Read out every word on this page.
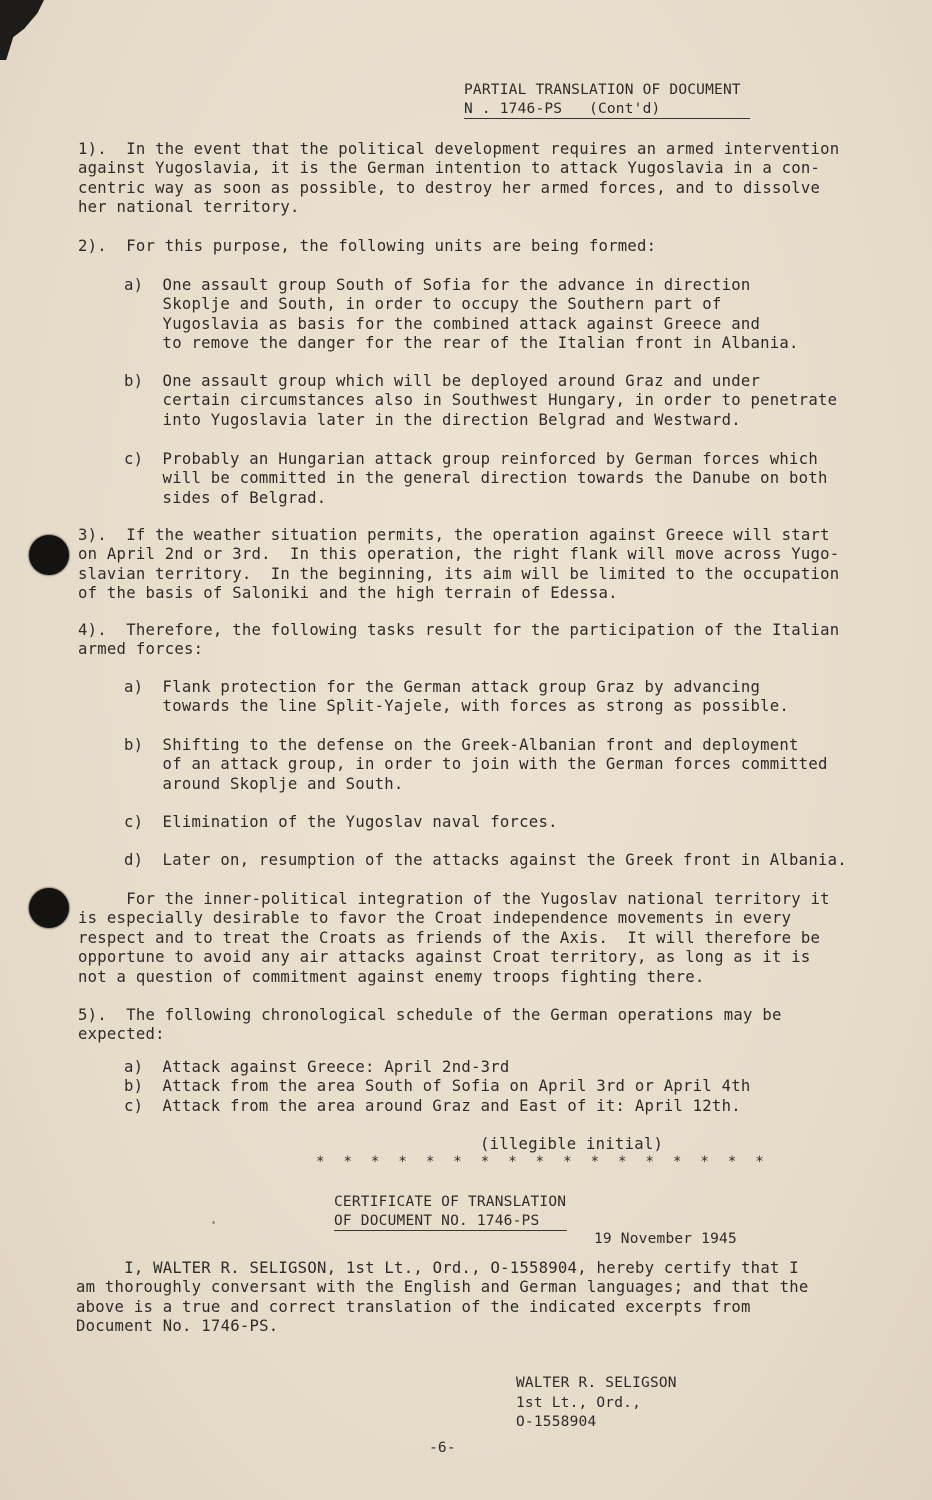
PARTIAL TRANSLATION OF DOCUMENT
N . 1746-PS   (Cont'd)
1).  In the event that the political development requires an armed intervention
against Yugoslavia, it is the German intention to attack Yugoslavia in a con-
centric way as soon as possible, to destroy her armed forces, and to dissolve
her national territory.
2).  For this purpose, the following units are being formed:
a)  One assault group South of Sofia for the advance in direction
Skoplje and South, in order to occupy the Southern part of
Yugoslavia as basis for the combined attack against Greece and
to remove the danger for the rear of the Italian front in Albania.
b)  One assault group which will be deployed around Graz and under
certain circumstances also in Southwest Hungary, in order to penetrate
into Yugoslavia later in the direction Belgrad and Westward.
c)  Probably an Hungarian attack group reinforced by German forces which
will be committed in the general direction towards the Danube on both
sides of Belgrad.
3).  If the weather situation permits, the operation against Greece will start
on April 2nd or 3rd.  In this operation, the right flank will move across Yugo-
slavian territory.  In the beginning, its aim will be limited to the occupation
of the basis of Saloniki and the high terrain of Edessa.
4).  Therefore, the following tasks result for the participation of the Italian
armed forces:
a)  Flank protection for the German attack group Graz by advancing
towards the line Split-Yajele, with forces as strong as possible.
b)  Shifting to the defense on the Greek-Albanian front and deployment
of an attack group, in order to join with the German forces committed
around Skoplje and South.
c)  Elimination of the Yugoslav naval forces.
d)  Later on, resumption of the attacks against the Greek front in Albania.
For the inner-political integration of the Yugoslav national territory it
is especially desirable to favor the Croat independence movements in every
respect and to treat the Croats as friends of the Axis.  It will therefore be
opportune to avoid any air attacks against Croat territory, as long as it is
not a question of commitment against enemy troops fighting there.
5).  The following chronological schedule of the German operations may be
expected:
a)  Attack against Greece: April 2nd-3rd
b)  Attack from the area South of Sofia on April 3rd or April 4th
c)  Attack from the area around Graz and East of it: April 12th.
(illegible initial)
* * * * * * * * * * * * * * * * *
CERTIFICATE OF TRANSLATION
OF DOCUMENT NO. 1746-PS
19 November 1945
I, WALTER R. SELIGSON, 1st Lt., Ord., O-1558904, hereby certify that I
am thoroughly conversant with the English and German languages; and that the
above is a true and correct translation of the indicated excerpts from
Document No. 1746-PS.
WALTER R. SELIGSON
1st Lt., Ord.,
O-1558904
-6-
